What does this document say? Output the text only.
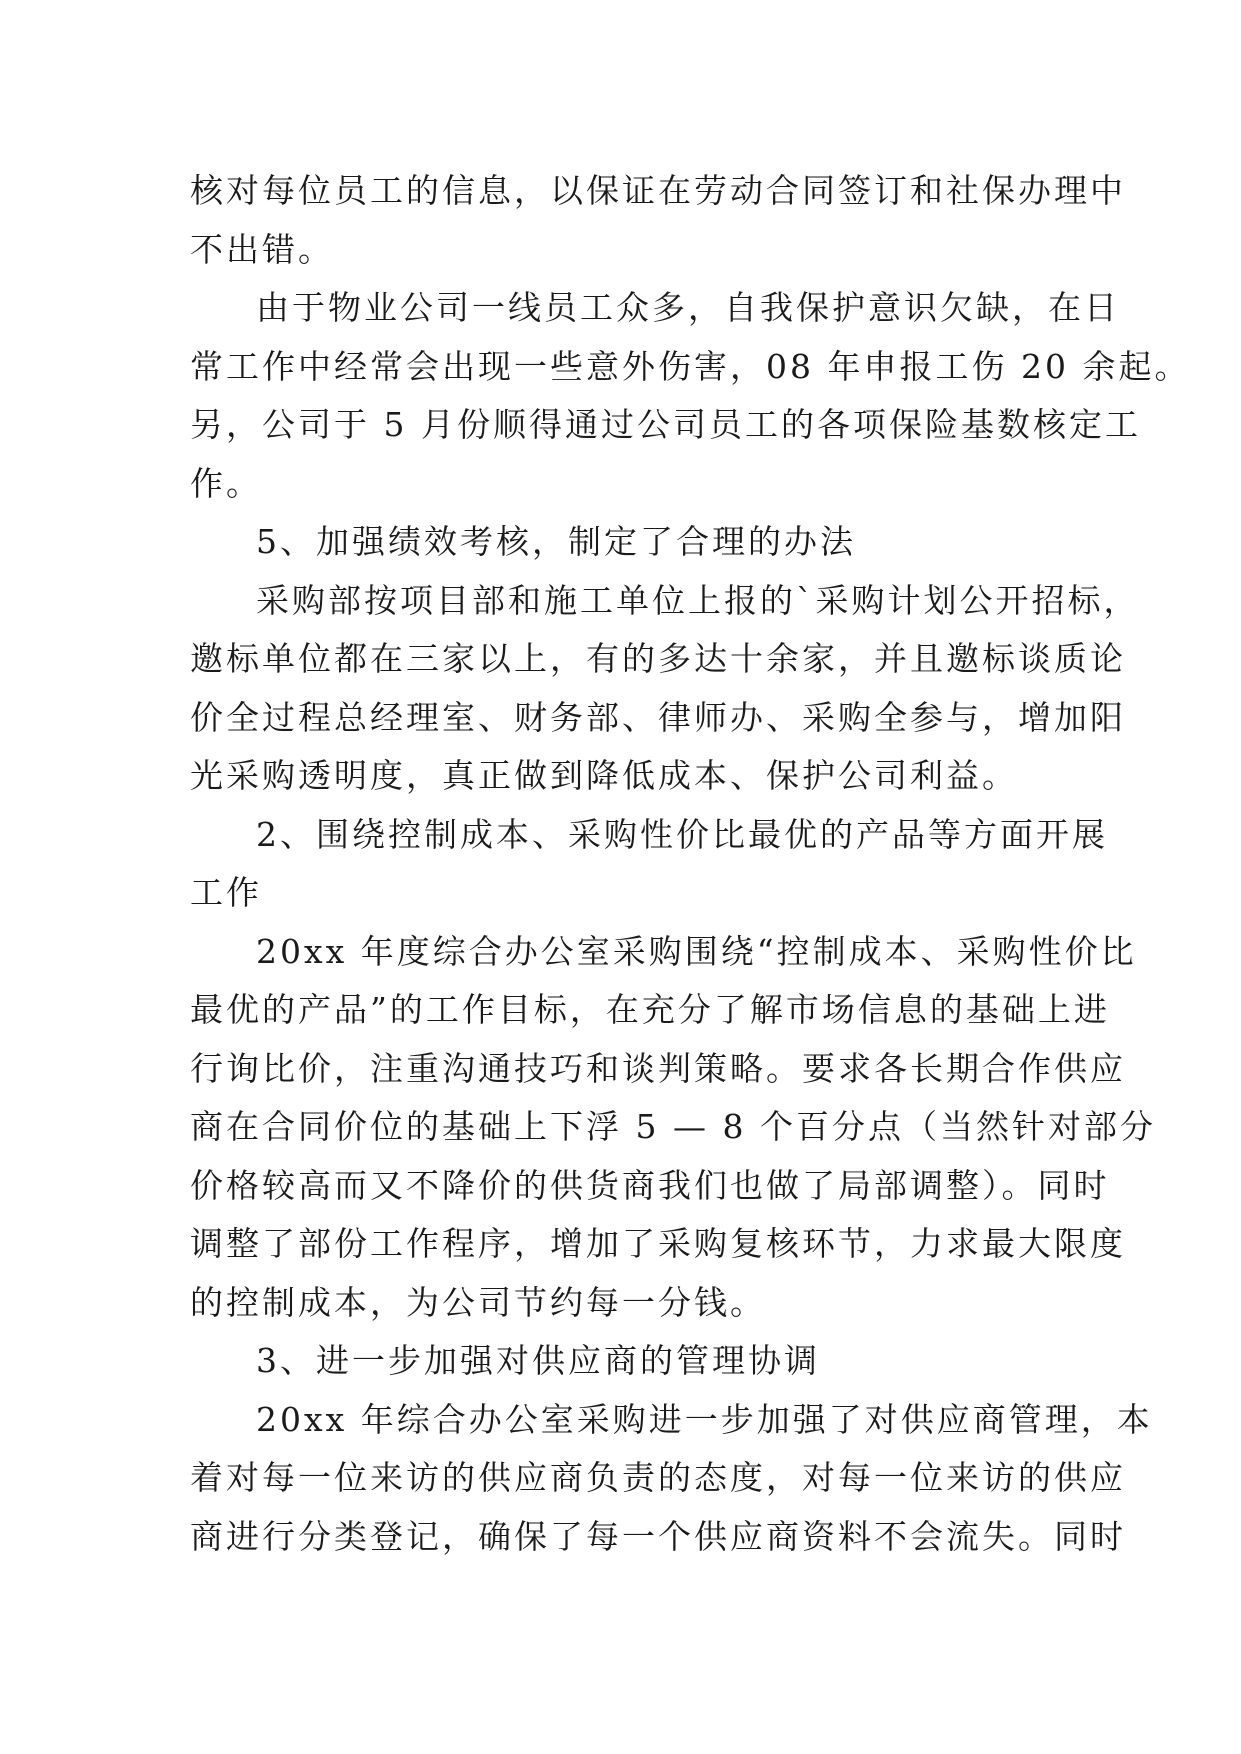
核对每位员工的信息，以保证在劳动合同签订和社保办理中
不出错。
由于物业公司一线员工众多，自我保护意识欠缺，在日
常工作中经常会出现一些意外伤害，08 年申报工伤 20 余起。
另，公司于 5 月份顺得通过公司员工的各项保险基数核定工
作。
5、加强绩效考核，制定了合理的办法
采购部按项目部和施工单位上报的`采购计划公开招标，
邀标单位都在三家以上，有的多达十余家，并且邀标谈质论
价全过程总经理室、财务部、律师办、采购全参与，增加阳
光采购透明度，真正做到降低成本、保护公司利益。
2、围绕控制成本、采购性价比最优的产品等方面开展
工作
20xx 年度综合办公室采购围绕“控制成本、采购性价比
最优的产品”的工作目标，在充分了解市场信息的基础上进
行询比价，注重沟通技巧和谈判策略。要求各长期合作供应
商在合同价位的基础上下浮 5 — 8 个百分点（当然针对部分
价格较高而又不降价的供货商我们也做了局部调整）。同时
调整了部份工作程序，增加了采购复核环节，力求最大限度
的控制成本，为公司节约每一分钱。
3、进一步加强对供应商的管理协调
20xx 年综合办公室采购进一步加强了对供应商管理，本
着对每一位来访的供应商负责的态度，对每一位来访的供应
商进行分类登记，确保了每一个供应商资料不会流失。同时
